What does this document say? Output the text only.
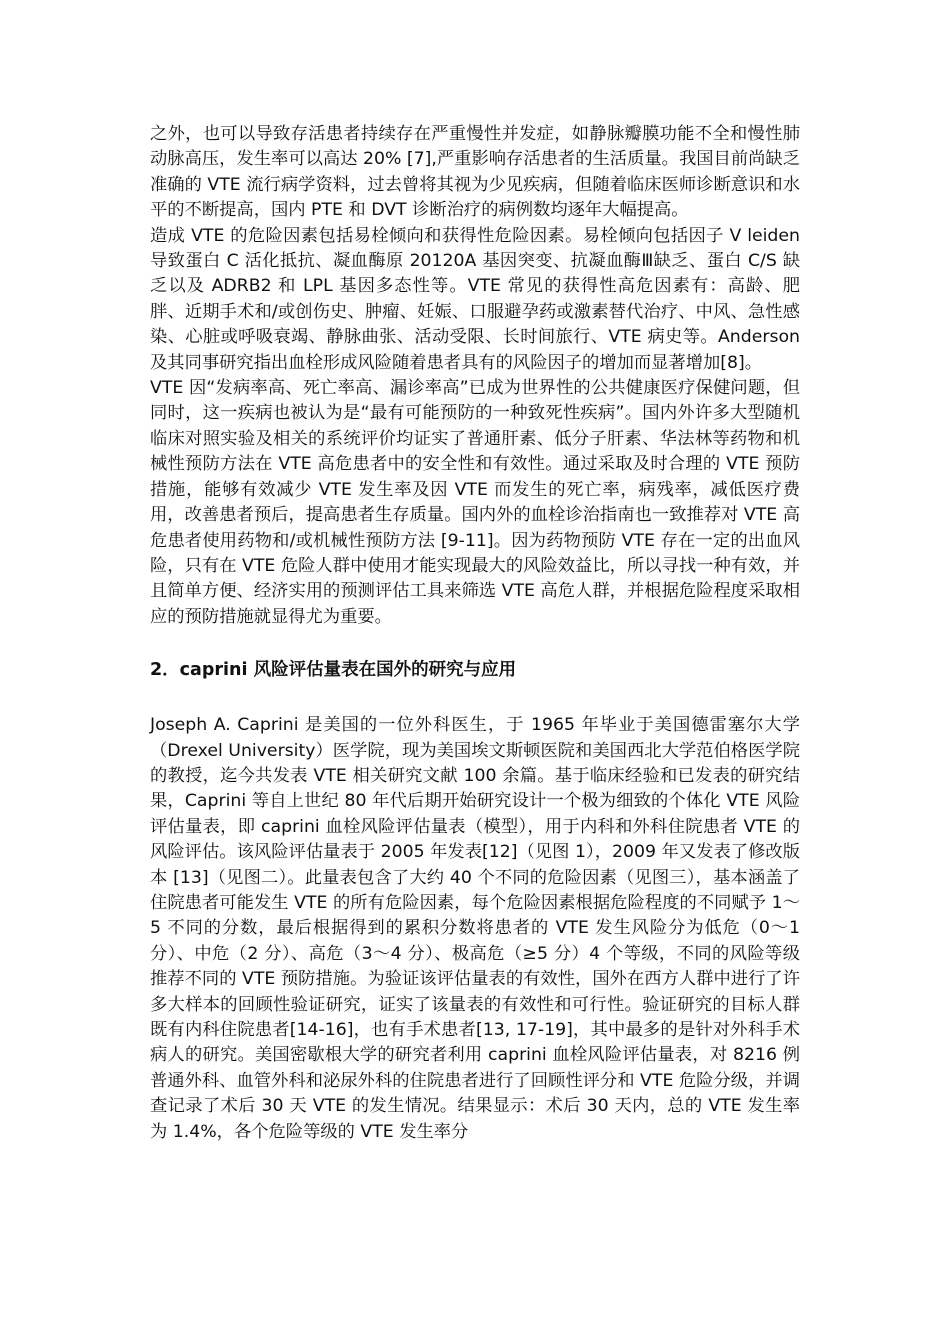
之外，也可以导致存活患者持续存在严重慢性并发症，如静脉瓣膜功能不全和慢性肺动脉高压，发生率可以高达 20% [7],严重影响存活患者的生活质量。我国目前尚缺乏准确的 VTE 流行病学资料，过去曾将其视为少见疾病，但随着临床医师诊断意识和水平的不断提高，国内 PTE 和 DVT 诊断治疗的病例数均逐年大幅提高。

造成 VTE 的危险因素包括易栓倾向和获得性危险因素。易栓倾向包括因子 V leiden 导致蛋白 C 活化抵抗、凝血酶原 20120A 基因突变、抗凝血酶Ⅲ缺乏、蛋白 C/S 缺乏以及 ADRB2 和 LPL 基因多态性等。VTE 常见的获得性高危因素有：高龄、肥胖、近期手术和/或创伤史、肿瘤、妊娠、口服避孕药或激素替代治疗、中风、急性感染、心脏或呼吸衰竭、静脉曲张、活动受限、长时间旅行、VTE 病史等。Anderson 及其同事研究指出血栓形成风险随着患者具有的风险因子的增加而显著增加[8]。

VTE 因“发病率高、死亡率高、漏诊率高”已成为世界性的公共健康医疗保健问题，但同时，这一疾病也被认为是“最有可能预防的一种致死性疾病”。国内外许多大型随机临床对照实验及相关的系统评价均证实了普通肝素、低分子肝素、华法林等药物和机械性预防方法在 VTE 高危患者中的安全性和有效性。通过采取及时合理的 VTE 预防措施，能够有效减少 VTE 发生率及因 VTE 而发生的死亡率，病残率，减低医疗费用，改善患者预后，提高患者生存质量。国内外的血栓诊治指南也一致推荐对 VTE 高危患者使用药物和/或机械性预防方法 [9-11]。因为药物预防 VTE 存在一定的出血风险，只有在 VTE 危险人群中使用才能实现最大的风险效益比，所以寻找一种有效，并且简单方便、经济实用的预测评估工具来筛选 VTE 高危人群，并根据危险程度采取相应的预防措施就显得尤为重要。

2．caprini 风险评估量表在国外的研究与应用

Joseph A. Caprini 是美国的一位外科医生，于 1965 年毕业于美国德雷塞尔大学（Drexel University）医学院，现为美国埃文斯顿医院和美国西北大学范伯格医学院的教授，迄今共发表 VTE 相关研究文献 100 余篇。基于临床经验和已发表的研究结果，Caprini 等自上世纪 80 年代后期开始研究设计一个极为细致的个体化 VTE 风险评估量表，即 caprini 血栓风险评估量表（模型），用于内科和外科住院患者 VTE 的风险评估。该风险评估量表于 2005 年发表[12]（见图 1），2009 年又发表了修改版本 [13]（见图二）。此量表包含了大约 40 个不同的危险因素（见图三），基本涵盖了住院患者可能发生 VTE 的所有危险因素，每个危险因素根据危险程度的不同赋予 1～5 不同的分数，最后根据得到的累积分数将患者的 VTE 发生风险分为低危（0～1 分）、中危（2 分）、高危（3～4 分）、极高危（≥5 分）4 个等级，不同的风险等级推荐不同的 VTE 预防措施。为验证该评估量表的有效性，国外在西方人群中进行了许多大样本的回顾性验证研究，证实了该量表的有效性和可行性。验证研究的目标人群既有内科住院患者[14-16]，也有手术患者[13, 17-19]，其中最多的是针对外科手术病人的研究。美国密歇根大学的研究者利用 caprini 血栓风险评估量表，对 8216 例普通外科、血管外科和泌尿外科的住院患者进行了回顾性评分和 VTE 危险分级，并调查记录了术后 30 天 VTE 的发生情况。结果显示：术后 30 天内，总的 VTE 发生率为 1.4%，各个危险等级的 VTE 发生率分
